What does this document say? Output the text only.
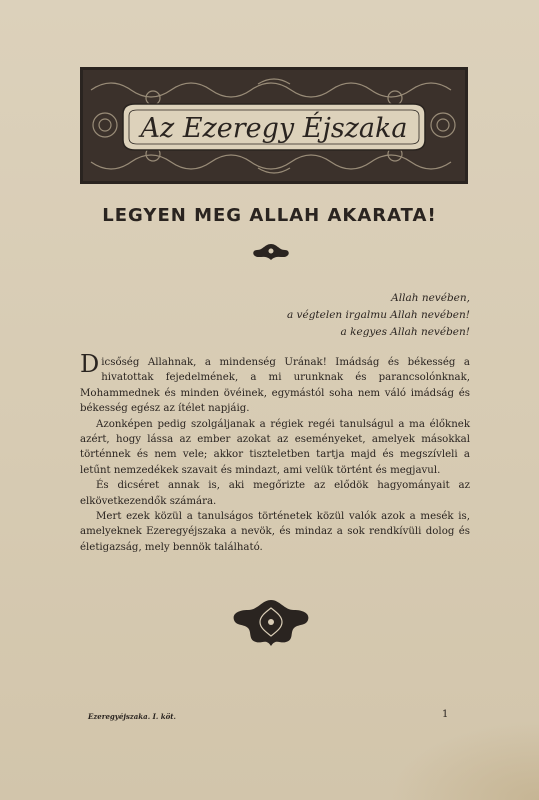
Az Ezeregy Éjszaka
LEGYEN MEG ALLAH AKARATA!
Allah nevében,
a végtelen irgalmu Allah nevében!
a kegyes Allah nevében!

Dicsőség Allahnak, a mindenség Urának! Imádság és békesség a hivatottak fejedelmének, a mi urunknak és parancsolónknak, Mohammednek és minden övéinek, egymástól soha nem váló imádság és békesség egész az ítélet napjáig.

Azonképen pedig szolgáljanak a régiek regéi tanulságul a ma élőknek azért, hogy lássa az ember azokat az eseményeket, amelyek másokkal történnek és nem vele; akkor tiszteletben tartja majd és megszívleli a letűnt nemzedékek szavait és mindazt, ami velük történt és megjavul.

És dicséret annak is, aki megőrizte az elődök hagyományait az elkövetkezendők számára.

Mert ezek közül a tanulságos történetek közül valók azok a mesék is, amelyeknek Ezeregyéjszaka a nevök, és mindaz a sok rendkívüli dolog és életigazság, mely bennök található.

Ezeregyéjszaka. I. köt.	1
